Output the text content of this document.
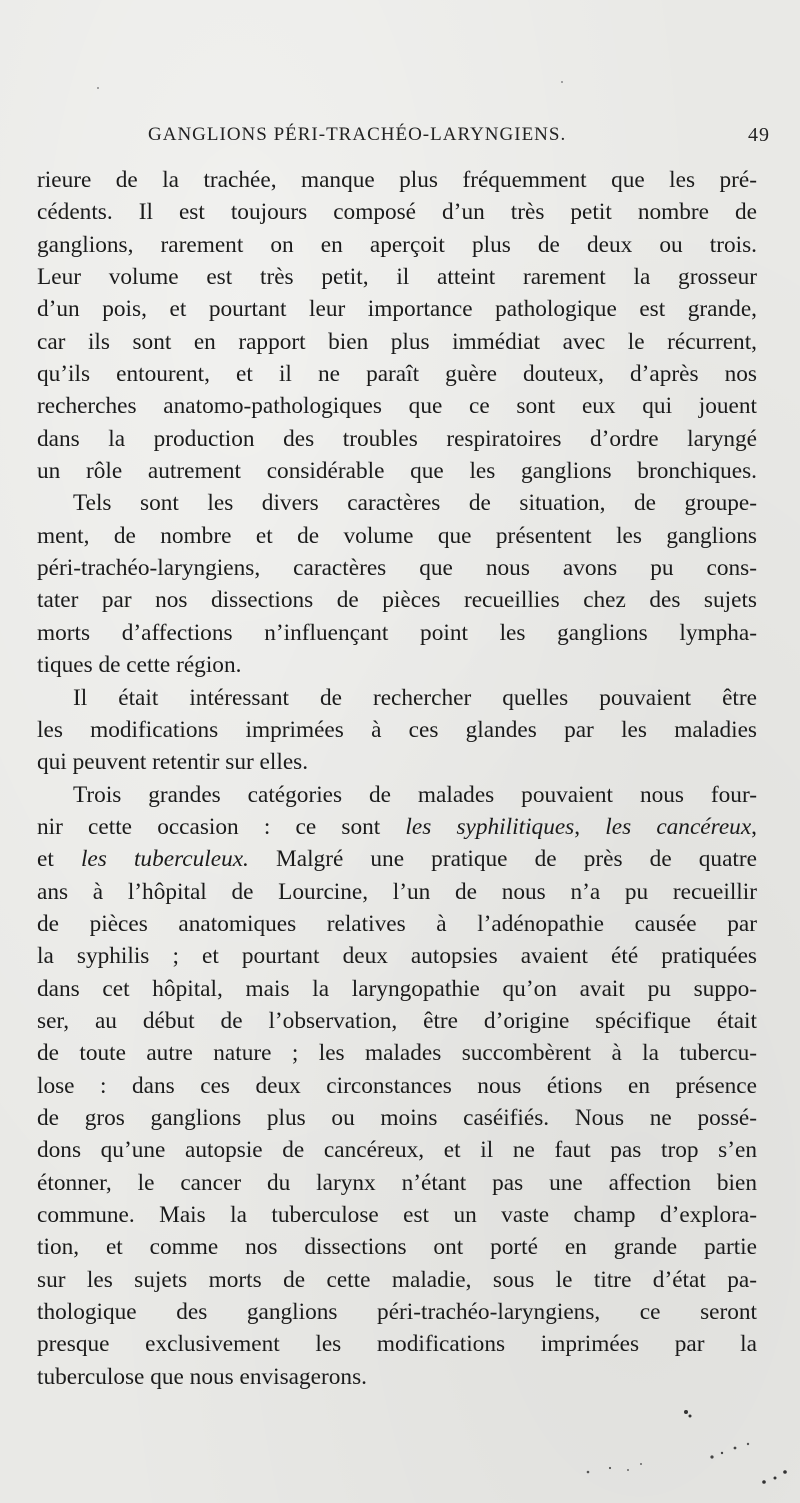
GANGLIONS PÉRI-TRACHÉO-LARYNGIENS.	49
rieure de la trachée, manque plus fréquemment que les pré-
cédents. Il est toujours composé d’un très petit nombre de
ganglions, rarement on en aperçoit plus de deux ou trois.
Leur volume est très petit, il atteint rarement la grosseur
d’un pois, et pourtant leur importance pathologique est grande,
car ils sont en rapport bien plus immédiat avec le récurrent,
qu’ils entourent, et il ne paraît guère douteux, d’après nos
recherches anatomo-pathologiques que ce sont eux qui jouent
dans la production des troubles respiratoires d’ordre laryngé
un rôle autrement considérable que les ganglions bronchiques.
Tels sont les divers caractères de situation, de groupe-
ment, de nombre et de volume que présentent les ganglions
péri-trachéo-laryngiens, caractères que nous avons pu cons-
tater par nos dissections de pièces recueillies chez des sujets
morts d’affections n’influençant point les ganglions lympha-
tiques de cette région.
Il était intéressant de rechercher quelles pouvaient être
les modifications imprimées à ces glandes par les maladies
qui peuvent retentir sur elles.
Trois grandes catégories de malades pouvaient nous four-
nir cette occasion : ce sont les syphilitiques, les cancéreux,
et les tuberculeux. Malgré une pratique de près de quatre
ans à l’hôpital de Lourcine, l’un de nous n’a pu recueillir
de pièces anatomiques relatives à l’adénopathie causée par
la syphilis ; et pourtant deux autopsies avaient été pratiquées
dans cet hôpital, mais la laryngopathie qu’on avait pu suppo-
ser, au début de l’observation, être d’origine spécifique était
de toute autre nature ; les malades succombèrent à la tubercu-
lose : dans ces deux circonstances nous étions en présence
de gros ganglions plus ou moins caséifiés. Nous ne possé-
dons qu’une autopsie de cancéreux, et il ne faut pas trop s’en
étonner, le cancer du larynx n’étant pas une affection bien
commune. Mais la tuberculose est un vaste champ d’explora-
tion, et comme nos dissections ont porté en grande partie
sur les sujets morts de cette maladie, sous le titre d’état pa-
thologique des ganglions péri-trachéo-laryngiens, ce seront
presque exclusivement les modifications imprimées par la
tuberculose que nous envisagerons.
